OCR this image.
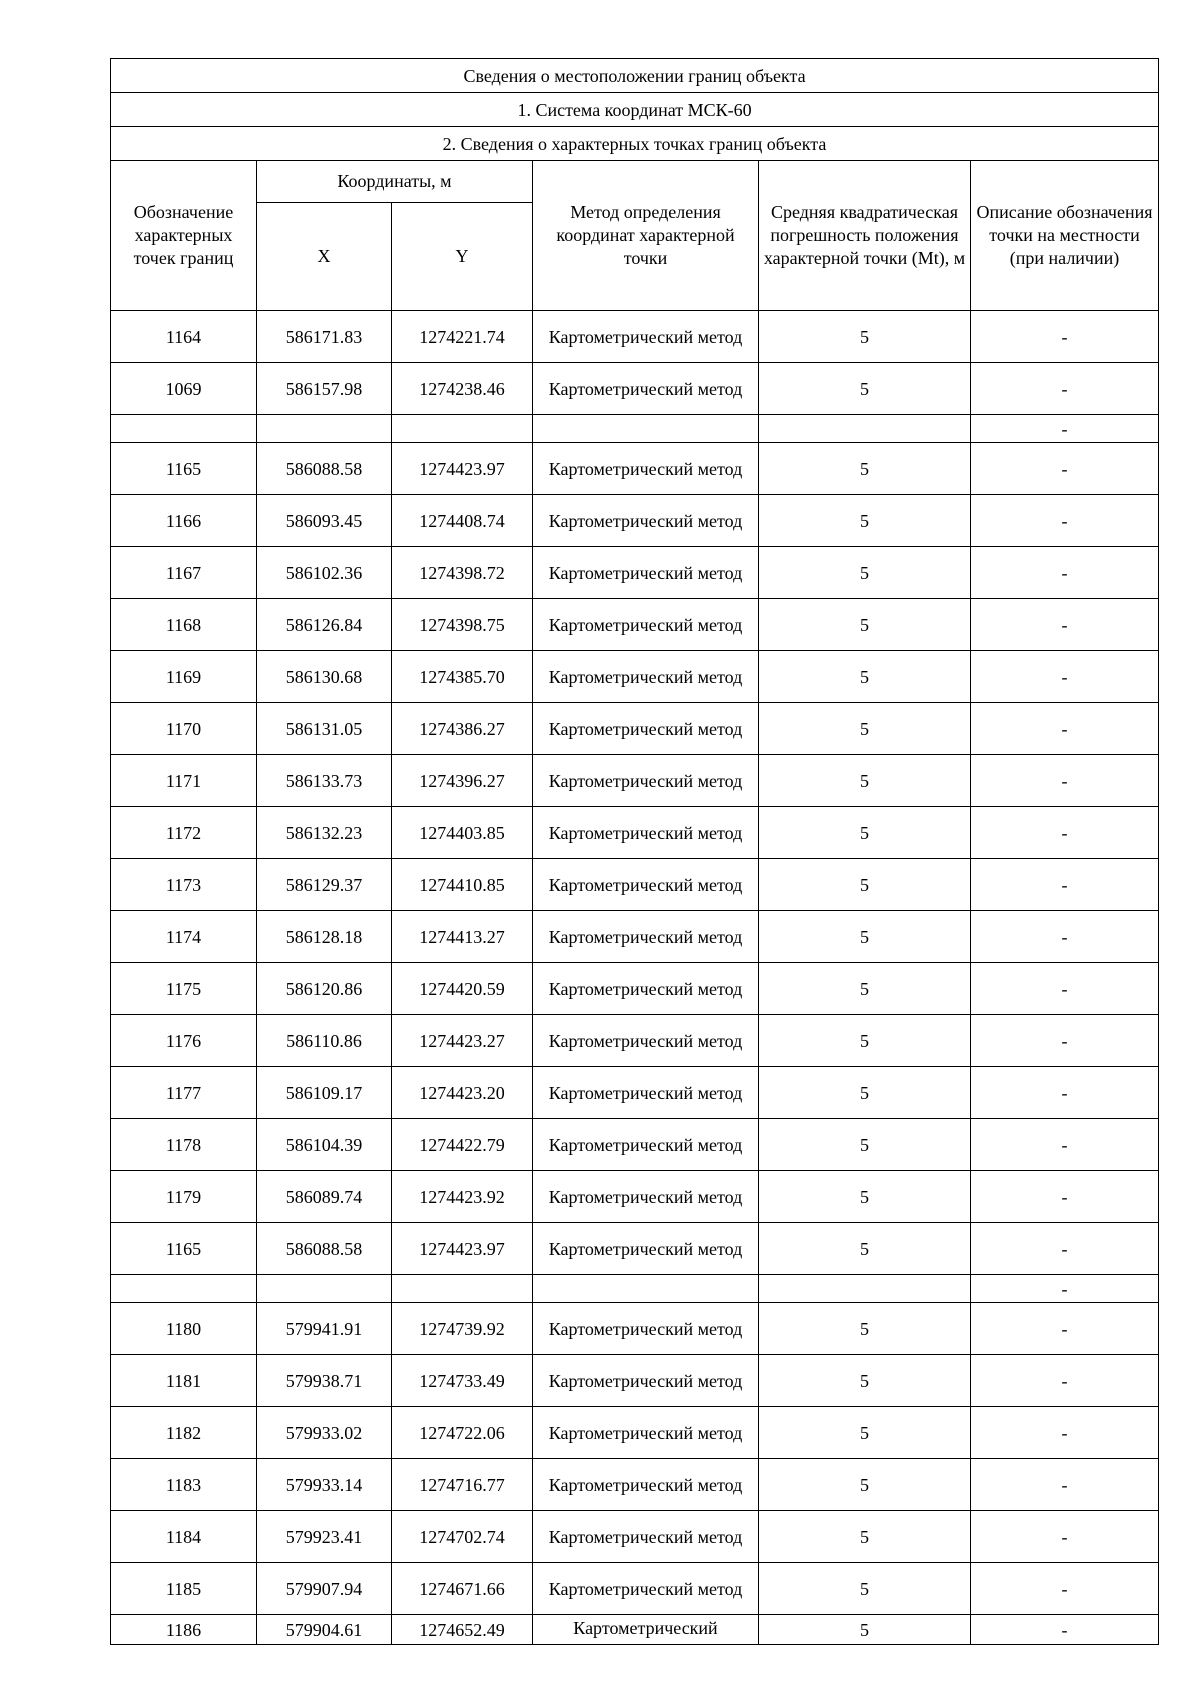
Сведения о местоположении границ объекта					
1. Система координат МСК-60					
2. Сведения о характерных точках границ объекта					
Обозначение характерных точек границ	Координаты, м		Метод определения координат характерной точки	Средняя квадратическая погрешность положения характерной точки (Mt), м	Описание обозначения точки на местности (при наличии)
	X	Y			
1164	586171.83	1274221.74	Картометрический метод	5	-
1069	586157.98	1274238.46	Картометрический метод	5	-
					-
1165	586088.58	1274423.97	Картометрический метод	5	-
1166	586093.45	1274408.74	Картометрический метод	5	-
1167	586102.36	1274398.72	Картометрический метод	5	-
1168	586126.84	1274398.75	Картометрический метод	5	-
1169	586130.68	1274385.70	Картометрический метод	5	-
1170	586131.05	1274386.27	Картометрический метод	5	-
1171	586133.73	1274396.27	Картометрический метод	5	-
1172	586132.23	1274403.85	Картометрический метод	5	-
1173	586129.37	1274410.85	Картометрический метод	5	-
1174	586128.18	1274413.27	Картометрический метод	5	-
1175	586120.86	1274420.59	Картометрический метод	5	-
1176	586110.86	1274423.27	Картометрический метод	5	-
1177	586109.17	1274423.20	Картометрический метод	5	-
1178	586104.39	1274422.79	Картометрический метод	5	-
1179	586089.74	1274423.92	Картометрический метод	5	-
1165	586088.58	1274423.97	Картометрический метод	5	-
					-
1180	579941.91	1274739.92	Картометрический метод	5	-
1181	579938.71	1274733.49	Картометрический метод	5	-
1182	579933.02	1274722.06	Картометрический метод	5	-
1183	579933.14	1274716.77	Картометрический метод	5	-
1184	579923.41	1274702.74	Картометрический метод	5	-
1185	579907.94	1274671.66	Картометрический метод	5	-
1186	579904.61	1274652.49	Картометрический	5	-
